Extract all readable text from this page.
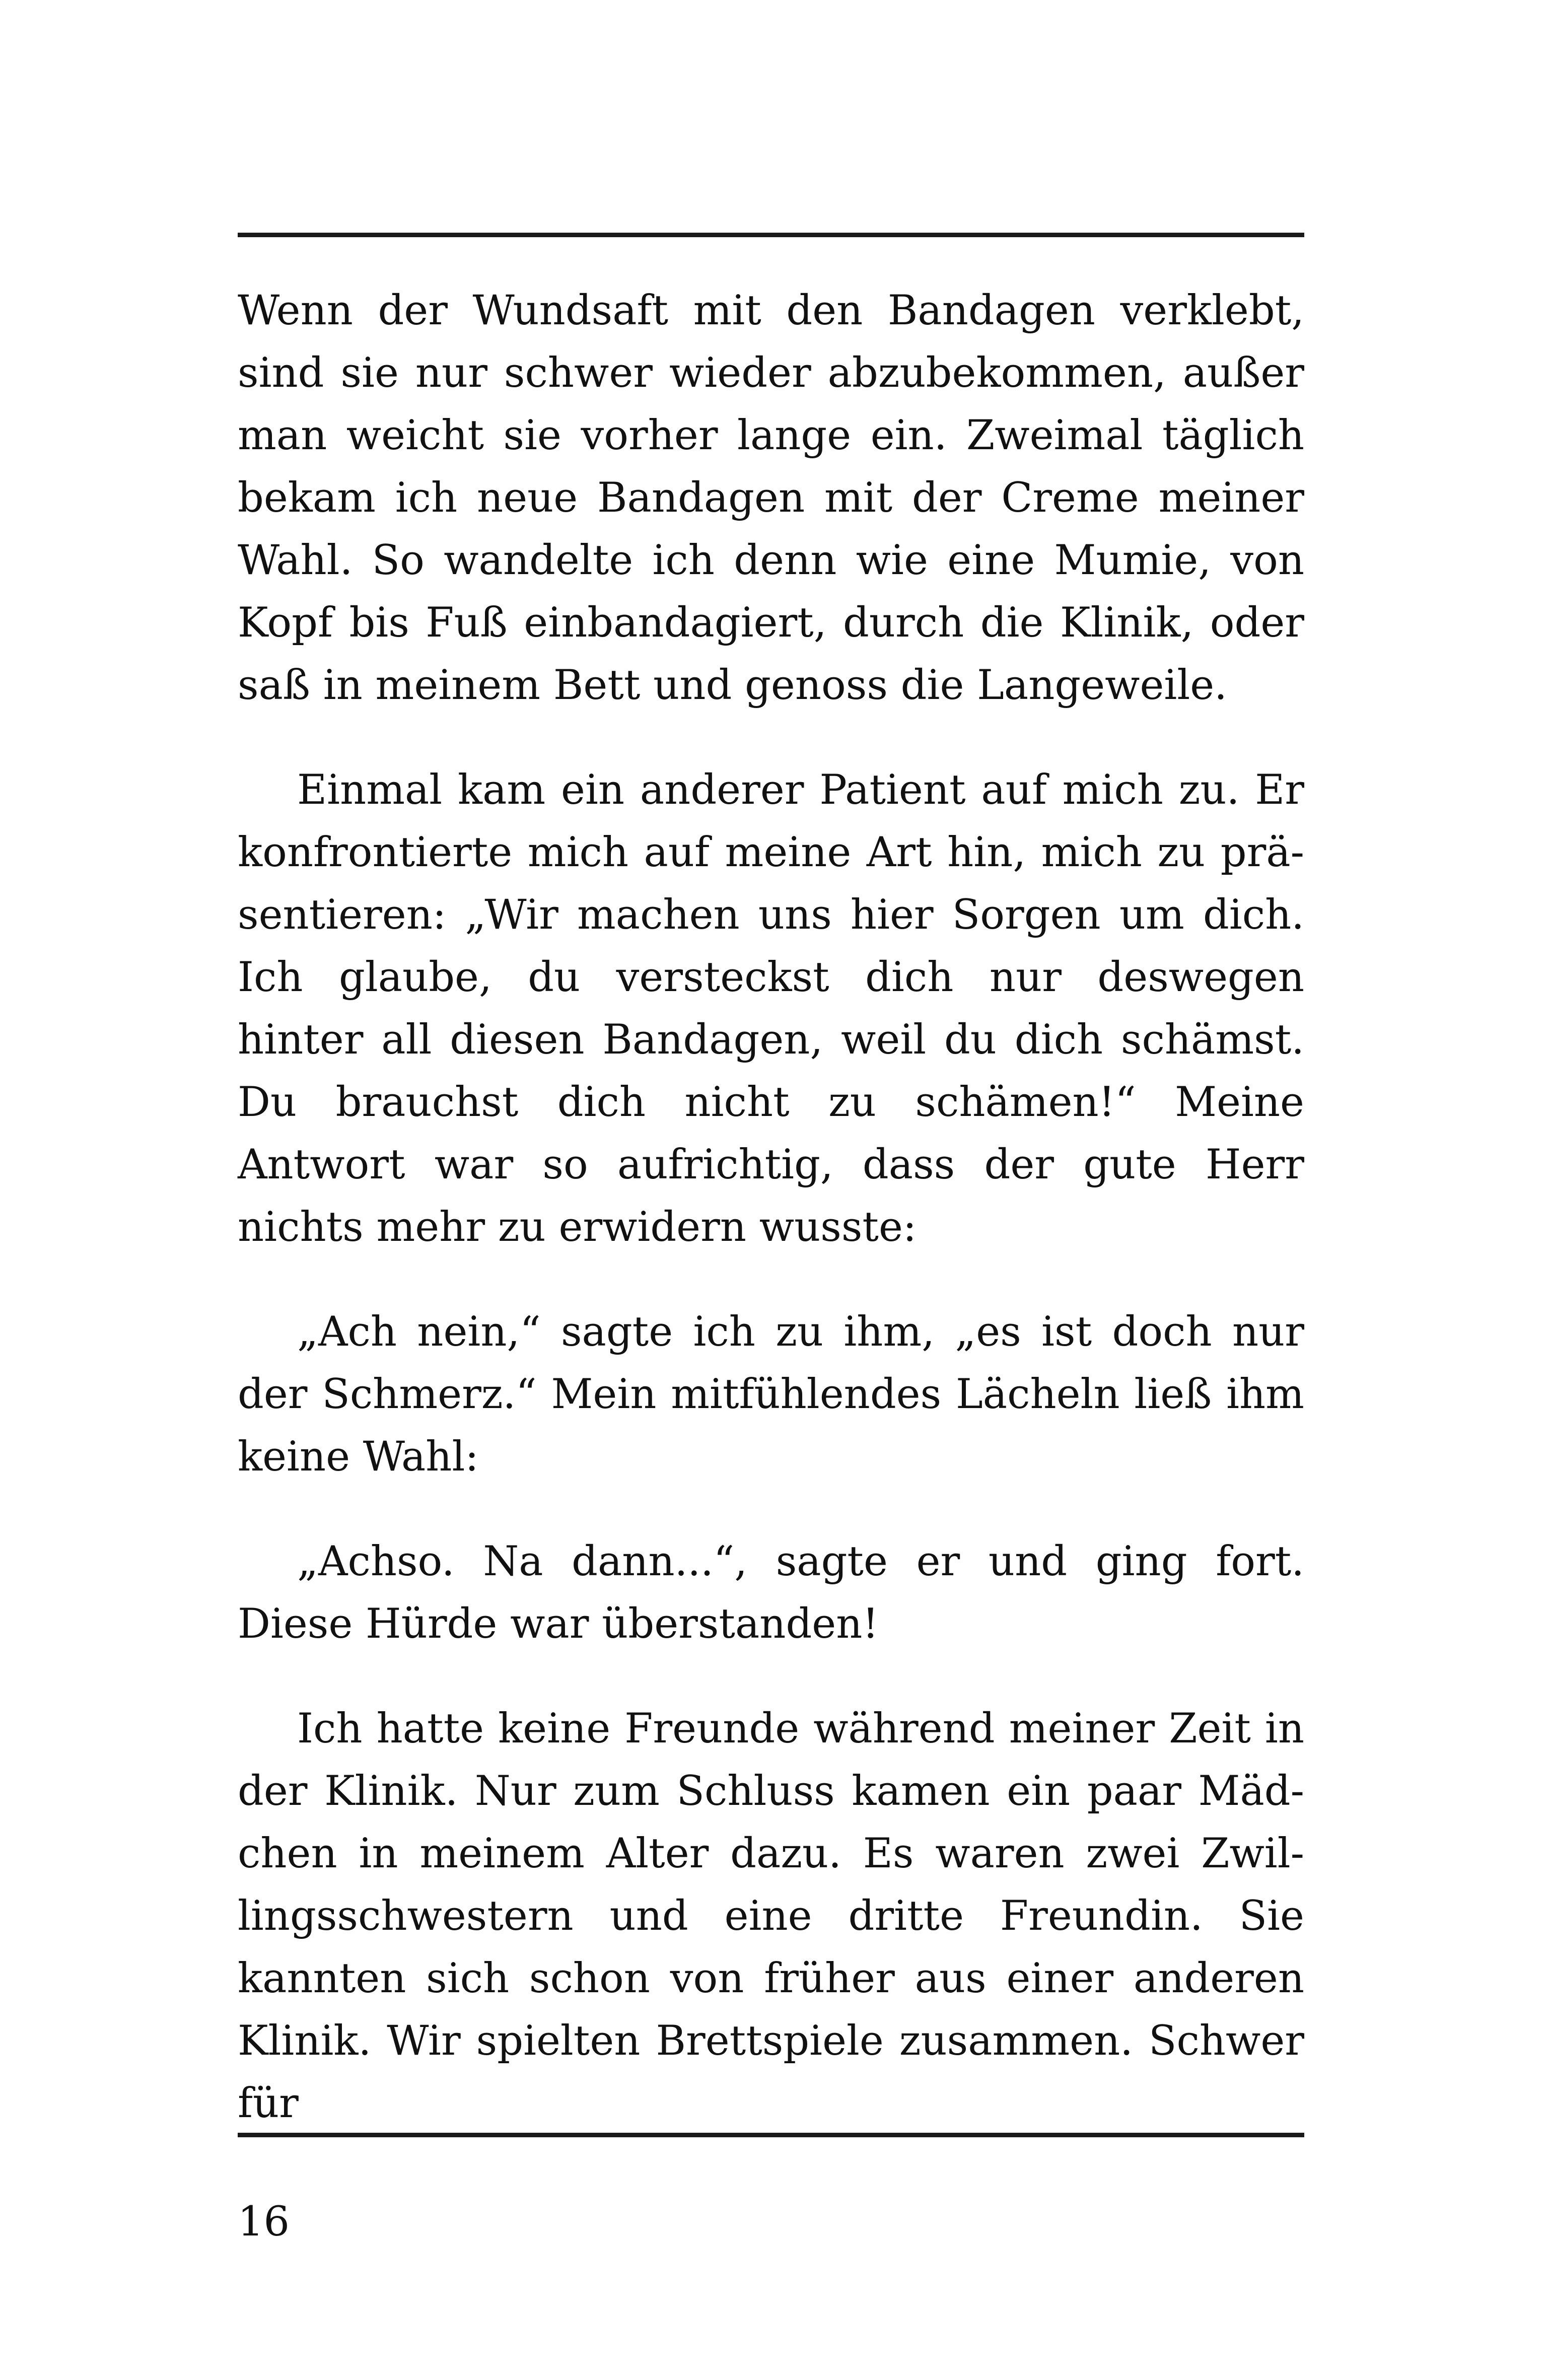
Wenn der Wundsaft mit den Bandagen verklebt, sind sie nur schwer wieder abzubekommen, außer man weicht sie vorher lange ein. Zweimal täglich bekam ich neue Bandagen mit der Creme meiner Wahl. So wandelte ich denn wie eine Mumie, von Kopf bis Fuß einbandagiert, durch die Klinik, oder saß in meinem Bett und genoss die Langeweile.

Einmal kam ein anderer Patient auf mich zu. Er konfrontierte mich auf meine Art hin, mich zu präsentieren: „Wir machen uns hier Sorgen um dich. Ich glaube, du versteckst dich nur deswegen hinter all diesen Bandagen, weil du dich schämst. Du brauchst dich nicht zu schämen!“ Meine Antwort war so aufrichtig, dass der gute Herr nichts mehr zu erwidern wusste:

„Ach nein,“ sagte ich zu ihm, „es ist doch nur der Schmerz.“ Mein mitfühlendes Lächeln ließ ihm keine Wahl:

„Achso. Na dann...“, sagte er und ging fort. Diese Hürde war überstanden!

Ich hatte keine Freunde während meiner Zeit in der Klinik. Nur zum Schluss kamen ein paar Mädchen in meinem Alter dazu. Es waren zwei Zwillingsschwestern und eine dritte Freundin. Sie kannten sich schon von früher aus einer anderen Klinik. Wir spielten Brettspiele zusammen. Schwer für

16
